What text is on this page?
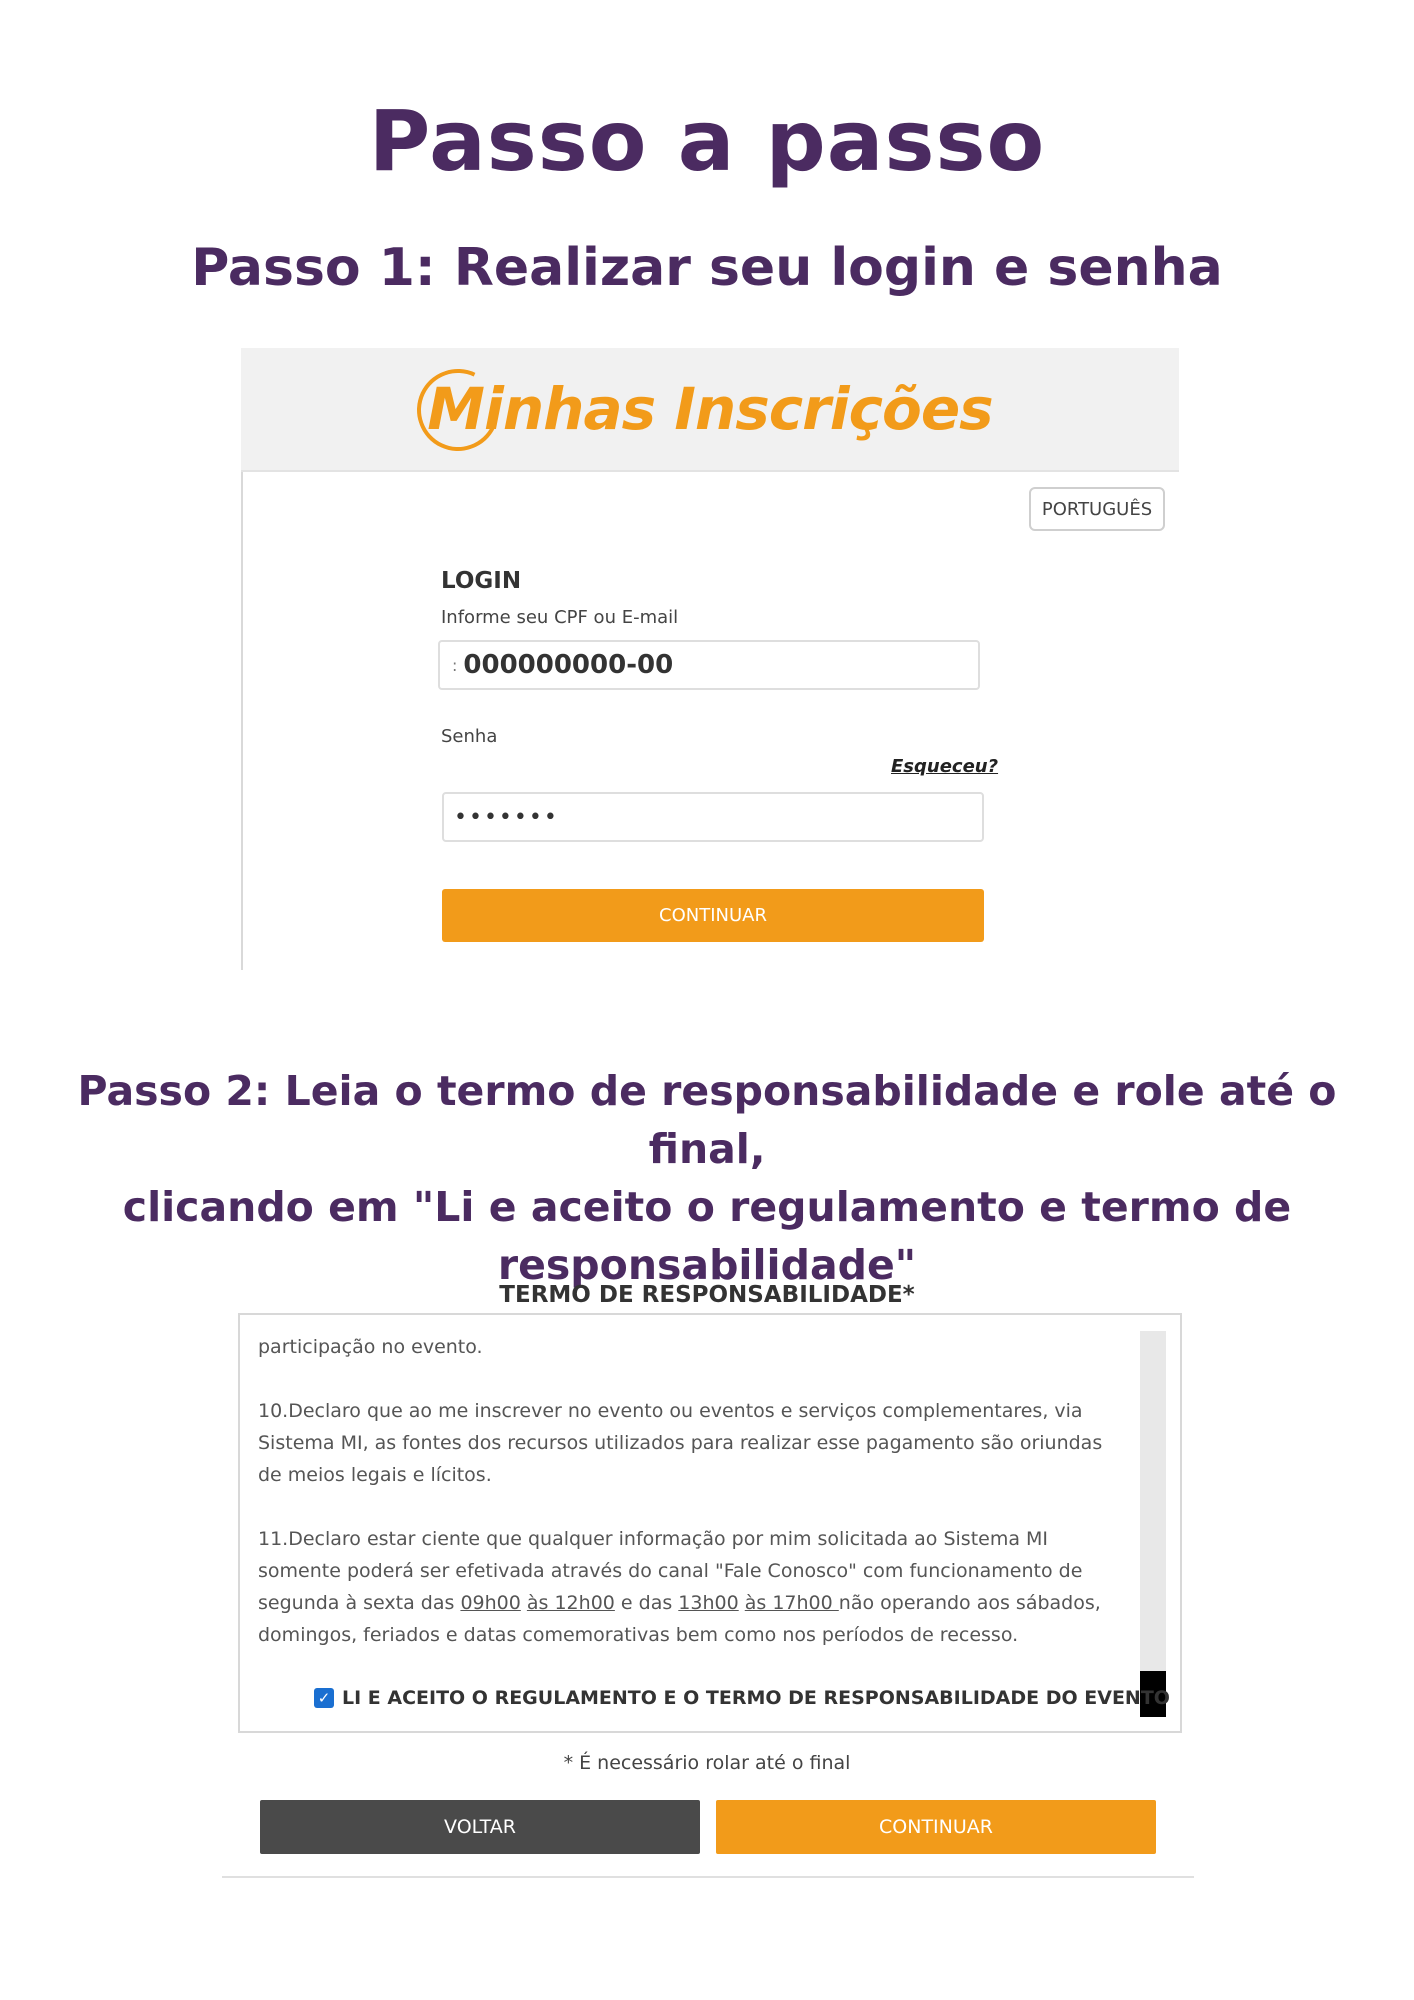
Passo a passo
Passo 1: Realizar seu login e senha
Minhas Inscrições
PORTUGUÊS
LOGIN
Informe seu CPF ou E-mail
: 000000000-00
Senha
Esqueceu?
•••••••
CONTINUAR
Passo 2: Leia o termo de responsabilidade e role até o final,
clicando em "Li e aceito o regulamento e termo de
responsabilidade"
TERMO DE RESPONSABILIDADE*

participação no evento.

10.Declaro que ao me inscrever no evento ou eventos e serviços complementares, via Sistema MI, as fontes dos recursos utilizados para realizar esse pagamento são oriundas de meios legais e lícitos.

11.Declaro estar ciente que qualquer informação por mim solicitada ao Sistema MI somente poderá ser efetivada através do canal "Fale Conosco" com funcionamento de segunda à sexta das 09h00 às 12h00 e das 13h00 às 17h00 não operando aos sábados, domingos, feriados e datas comemorativas bem como nos períodos de recesso.

✓ LI E ACEITO O REGULAMENTO E O TERMO DE RESPONSABILIDADE DO EVENTO
* É necessário rolar até o final
VOLTAR	CONTINUAR
